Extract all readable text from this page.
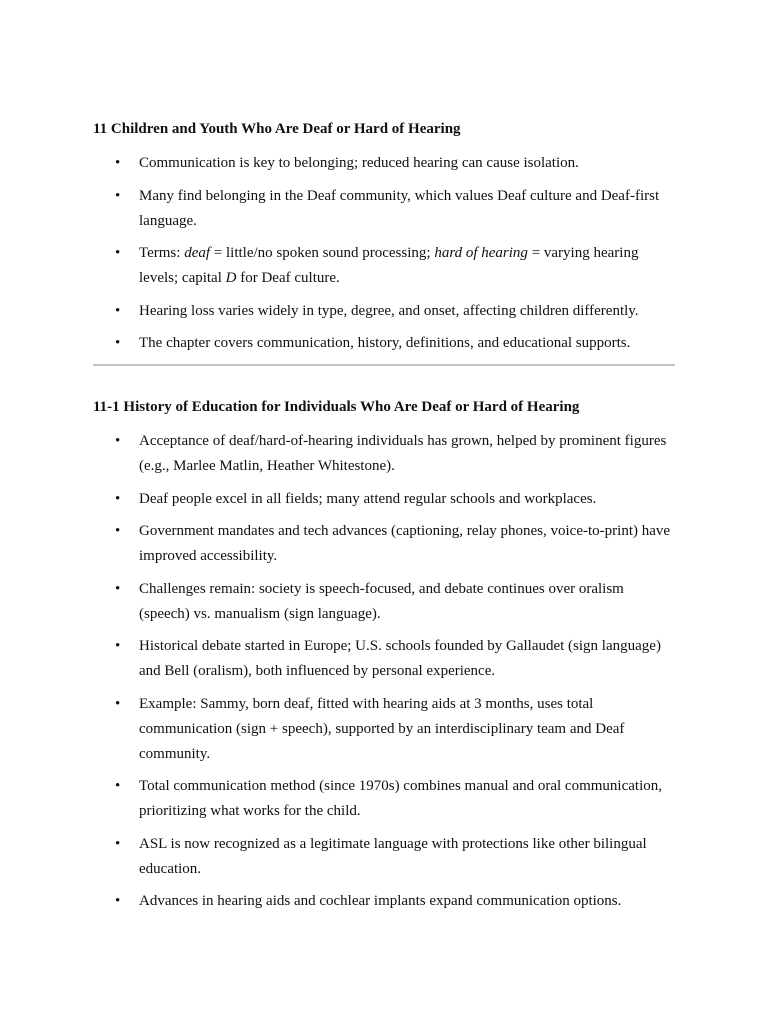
11 Children and Youth Who Are Deaf or Hard of Hearing
• Communication is key to belonging; reduced hearing can cause isolation.
• Many find belonging in the Deaf community, which values Deaf culture and Deaf-first language.
• Terms: deaf = little/no spoken sound processing; hard of hearing = varying hearing levels; capital D for Deaf culture.
• Hearing loss varies widely in type, degree, and onset, affecting children differently.
• The chapter covers communication, history, definitions, and educational supports.
11-1 History of Education for Individuals Who Are Deaf or Hard of Hearing
• Acceptance of deaf/hard-of-hearing individuals has grown, helped by prominent figures (e.g., Marlee Matlin, Heather Whitestone).
• Deaf people excel in all fields; many attend regular schools and workplaces.
• Government mandates and tech advances (captioning, relay phones, voice-to-print) have improved accessibility.
• Challenges remain: society is speech-focused, and debate continues over oralism (speech) vs. manualism (sign language).
• Historical debate started in Europe; U.S. schools founded by Gallaudet (sign language) and Bell (oralism), both influenced by personal experience.
• Example: Sammy, born deaf, fitted with hearing aids at 3 months, uses total communication (sign + speech), supported by an interdisciplinary team and Deaf community.
• Total communication method (since 1970s) combines manual and oral communication, prioritizing what works for the child.
• ASL is now recognized as a legitimate language with protections like other bilingual education.
• Advances in hearing aids and cochlear implants expand communication options.
